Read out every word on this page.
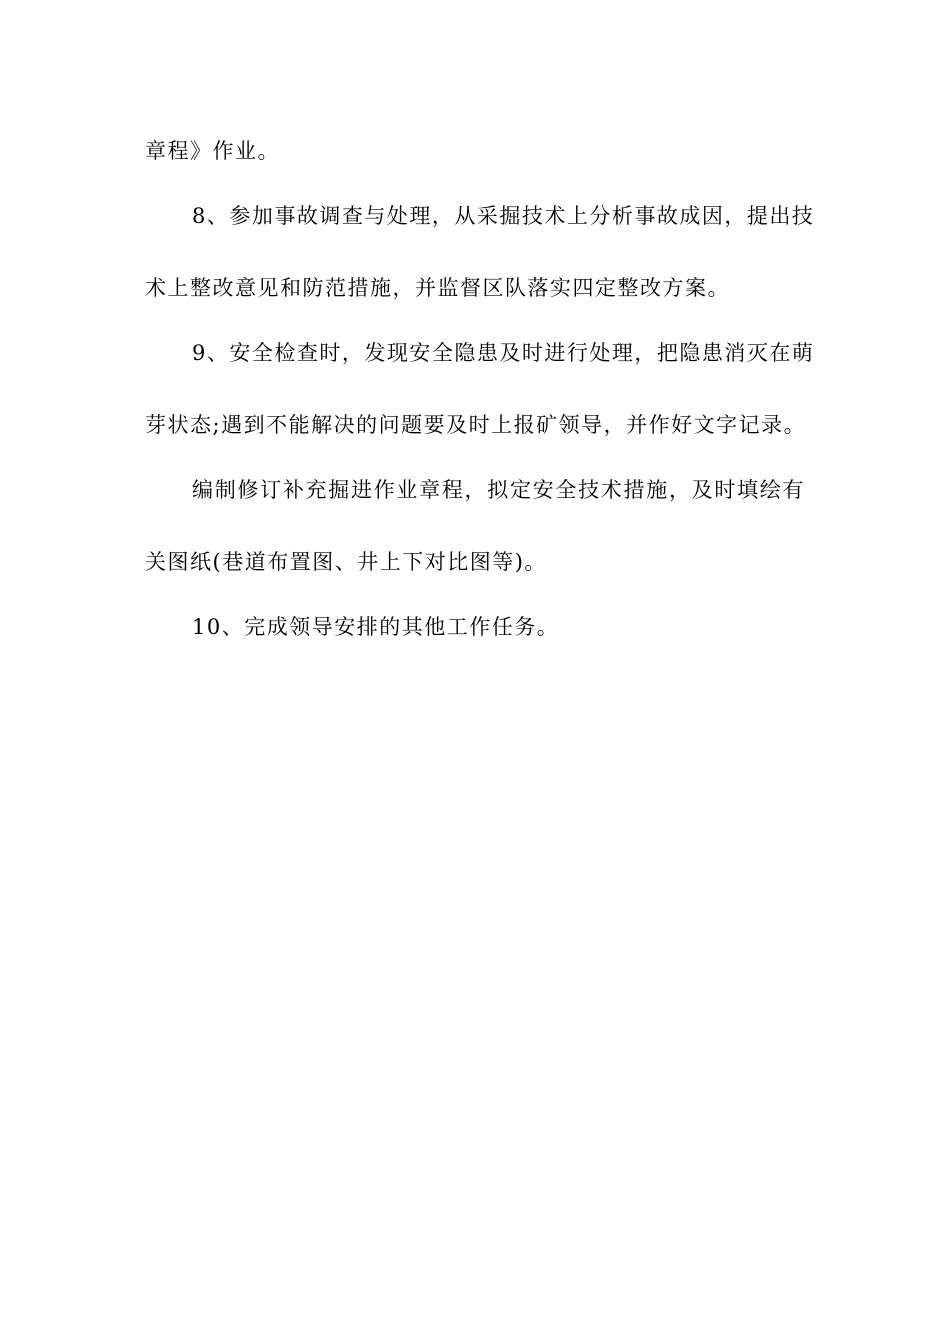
章程》作业。
8、参加事故调查与处理，从采掘技术上分析事故成因，提出技
术上整改意见和防范措施，并监督区队落实四定整改方案。
9、安全检查时，发现安全隐患及时进行处理，把隐患消灭在萌
芽状态;遇到不能解决的问题要及时上报矿领导，并作好文字记录。
编制修订补充掘进作业章程，拟定安全技术措施，及时填绘有
关图纸(巷道布置图、井上下对比图等)。
10、完成领导安排的其他工作任务。
